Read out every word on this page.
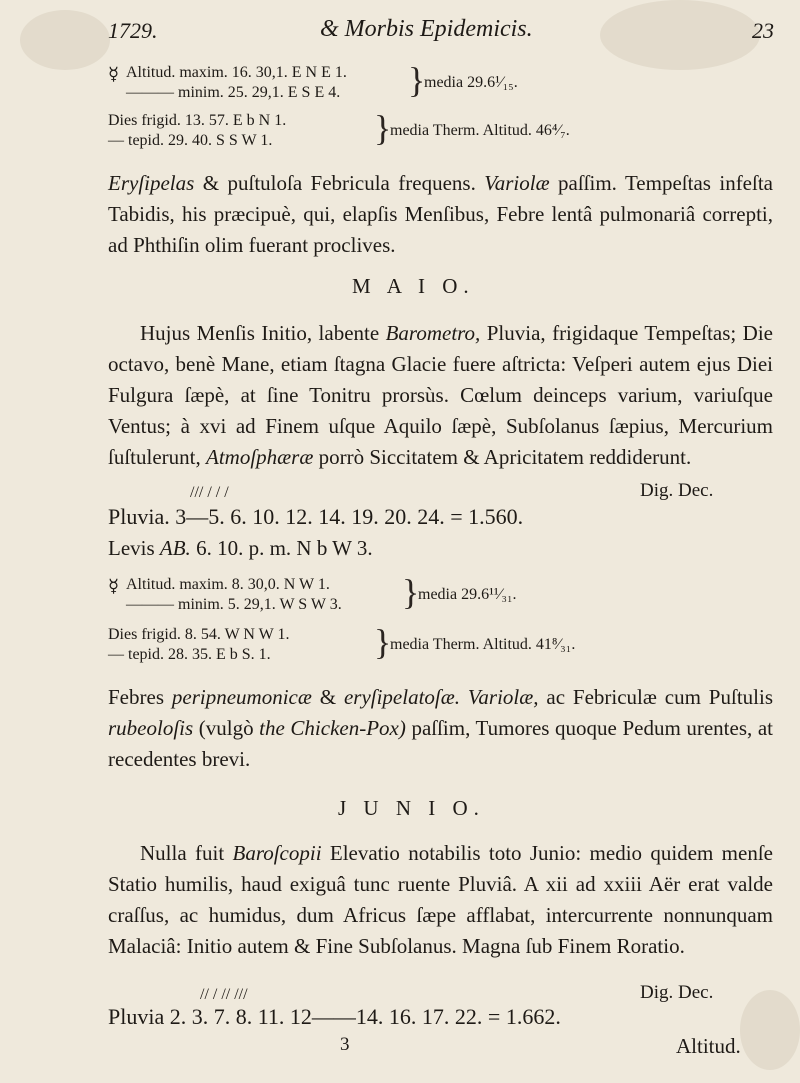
1729.	& Morbis Epidemicis.	23
☿ Altitud. maxim. 16. 30,1. E N E 1.
——— minim. 25. 29,1. E S E 4. }
media 29.6¹⁄₁₅.
Dies frigid. 13. 57. E b N 1.
— tepid. 29. 40. S S W 1.	}
media Therm. Altitud. 46⁴⁄₇.
Eryſipelas & puſtuloſa Febricula frequens. Variolæ paſſim. Tempeſtas infeſta Tabidis, his præcipuè, qui, elapſis Menſibus, Febre lentâ pulmonariâ correpti, ad Phthiſin olim fuerant proclives.
M A I O.
Hujus Menſis Initio, labente Barometro, Pluvia, frigidaque Tempeſtas; Die octavo, benè Mane, etiam ſtagna Glacie fuere aſtricta: Veſperi autem ejus Diei Fulgura ſæpè, at ſine Tonitru prorsùs. Cœlum deinceps varium, variuſque Ventus; à xvi ad Finem uſque Aquilo ſæpè, Subſolanus ſæpius, Mercurium ſuſtulerunt, Atmoſphæræ porrò Siccitatem & Apricitatem reddiderunt.
/// / / /	Dig. Dec.
Pluvia. 3—5. 6. 10. 12. 14. 19. 20. 24. = 1.560.
Levis AB. 6. 10. p. m. N b W 3.
☿ Altitud. maxim. 8. 30,0. N W 1.
——— minim. 5. 29,1. W S W 3. }
media 29.6¹¹⁄₃₁.
Dies frigid. 8. 54. W N W 1.
— tepid. 28. 35. E b S. 1.	}
media Therm. Altitud. 41⁸⁄₃₁.
Febres peripneumonicæ & eryſipelatoſæ. Variolæ, ac Febriculæ cum Puſtulis rubeoloſis (vulgò the Chicken-Pox) paſſim, Tumores quoque Pedum urentes, at recedentes brevi.
J U N I O.
Nulla fuit Baroſcopii Elevatio notabilis toto Junio: medio quidem menſe Statio humilis, haud exiguâ tunc ruente Pluviâ. A xii ad xxiii Aër erat valde craſſus, ac humidus, dum Africus ſæpe afflabat, intercurrente nonnunquam Malaciâ: Initio autem & Fine Subſolanus. Magna ſub Finem Roratio.
// / // ///	Dig. Dec.
Pluvia 2. 3. 7. 8. 11. 12——14. 16. 17. 22. = 1.662.
3	Altitud.
